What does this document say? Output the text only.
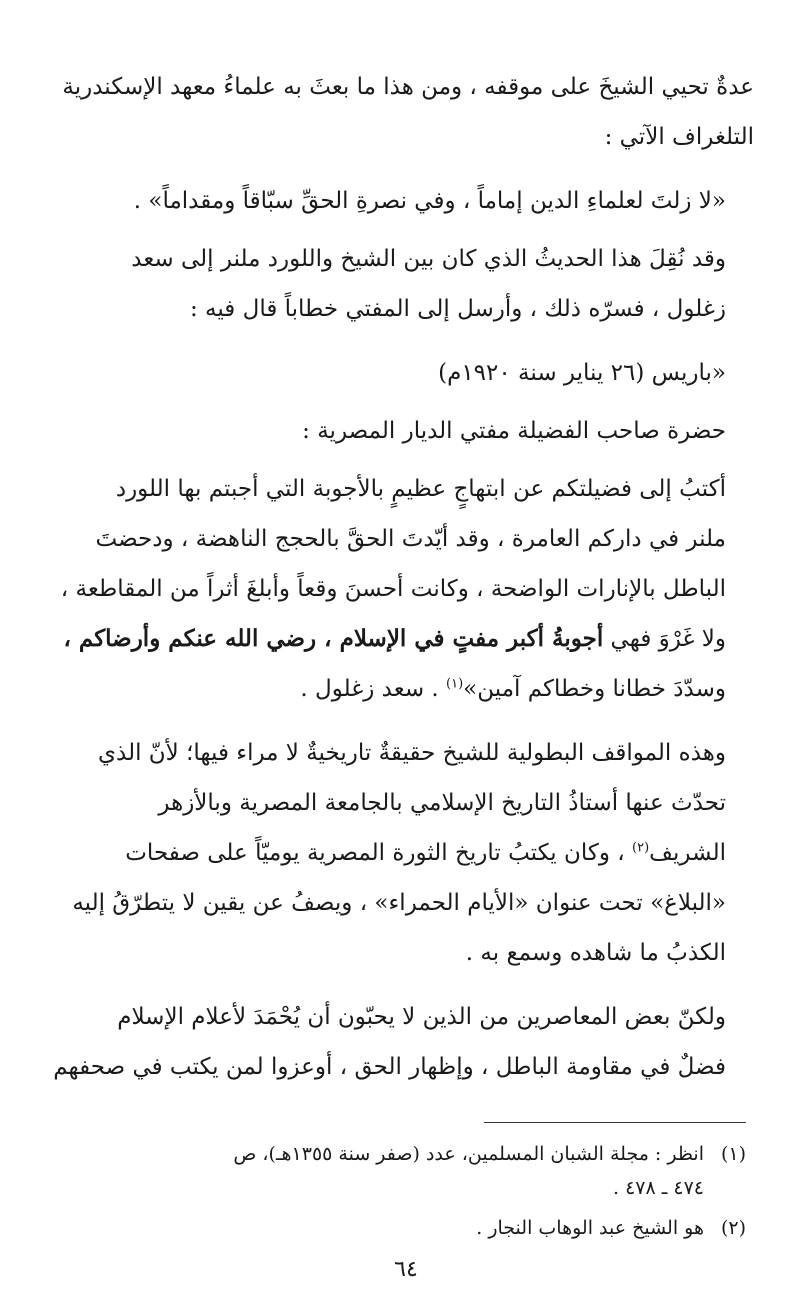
عدةٌ تحيي الشيخَ على موقفه ، ومن هذا ما بعثَ به علماءُ معهد الإسكندرية
التلغراف الآتي :

«لا زلتَ لعلماءِ الدين إماماً ، وفي نصرةِ الحقِّ سبّاقاً ومقداماً» .

وقد نُقِلَ هذا الحديثُ الذي كان بين الشيخ واللورد ملنر إلى سعد
زغلول ، فسرّه ذلك ، وأرسل إلى المفتي خطاباً قال فيه :

«باريس (٢٦ يناير سنة ١٩٢٠م)

حضرة صاحب الفضيلة مفتي الديار المصرية :

أكتبُ إلى فضيلتكم عن ابتهاجٍ عظيمٍ بالأجوبة التي أجبتم بها اللورد
ملنر في داركم العامرة ، وقد أيّدتَ الحقَّ بالحجج الناهضة ، ودحضتَ
الباطل بالإنارات الواضحة ، وكانت أحسنَ وقعاً وأبلغَ أثراً من المقاطعة ،
ولا غَرْوَ فهي أجوبةُ أكبر مفتٍ في الإسلام ، رضي الله عنكم وأرضاكم ،
وسدّدَ خطانا وخطاكم آمين»$^{(١)}$ . سعد زغلول .

وهذه المواقف البطولية للشيخ حقيقةٌ تاريخيةٌ لا مراء فيها؛ لأنّ الذي
تحدّث عنها أستاذُ التاريخ الإسلامي بالجامعة المصرية وبالأزهر
الشريف$^{(٢)}$ ، وكان يكتبُ تاريخ الثورة المصرية يوميّاً على صفحات
«البلاغ» تحت عنوان «الأيام الحمراء» ، ويصفُ عن يقين لا يتطرّقُ إليه
الكذبُ ما شاهده وسمع به .

ولكنّ بعض المعاصرين من الذين لا يحبّون أن يُحْمَدَ لأعلام الإسلام
فضلٌ في مقاومة الباطل ، وإظهار الحق ، أوعزوا لمن يكتب في صحفهم

(١)
انظر : مجلة الشبان المسلمين، عدد (صفر سنة ١٣٥٥هـ)، ص
٤٧٤ ـ ٤٧٨ .
(٢)
هو الشيخ عبد الوهاب النجار .
٦٤
